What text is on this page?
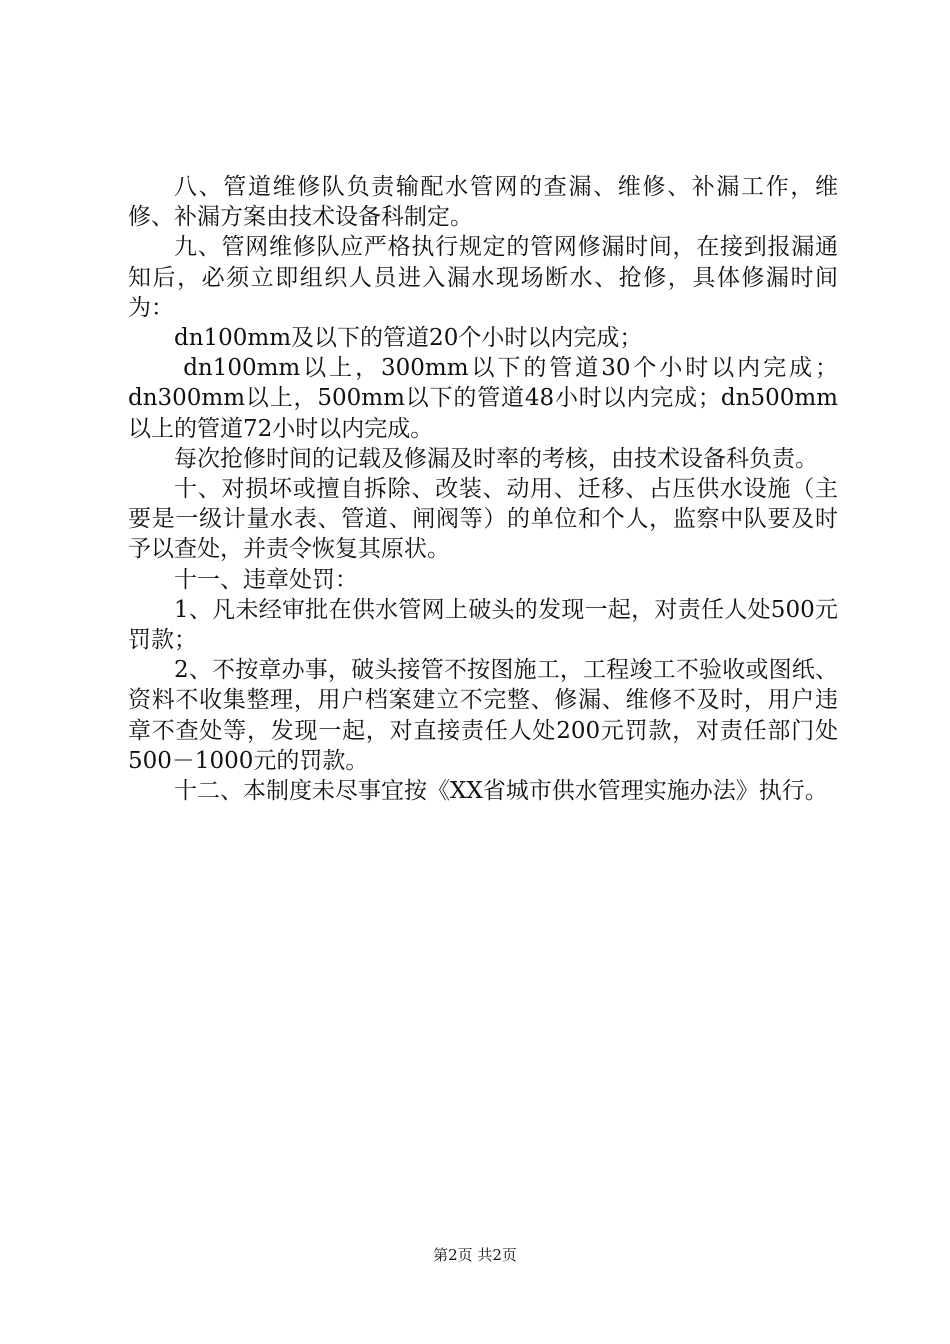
八、管道维修队负责输配水管网的查漏、维修、补漏工作，维修、补漏方案由技术设备科制定。

九、管网维修队应严格执行规定的管网修漏时间，在接到报漏通知后，必须立即组织人员进入漏水现场断水、抢修，具体修漏时间为：

dn100mm及以下的管道20个小时以内完成；

dn100mm以上，300mm以下的管道30个小时以内完成；dn300mm以上，500mm以下的管道48小时以内完成；dn500mm以上的管道72小时以内完成。

每次抢修时间的记载及修漏及时率的考核，由技术设备科负责。

十、对损坏或擅自拆除、改装、动用、迁移、占压供水设施（主要是一级计量水表、管道、闸阀等）的单位和个人，监察中队要及时予以查处，并责令恢复其原状。

十一、违章处罚：

1、凡未经审批在供水管网上破头的发现一起，对责任人处500元罚款；

2、不按章办事，破头接管不按图施工，工程竣工不验收或图纸、资料不收集整理，用户档案建立不完整、修漏、维修不及时，用户违章不查处等，发现一起，对直接责任人处200元罚款，对责任部门处500－1000元的罚款。

十二、本制度未尽事宜按《XX省城市供水管理实施办法》执行。

第2页 共2页
